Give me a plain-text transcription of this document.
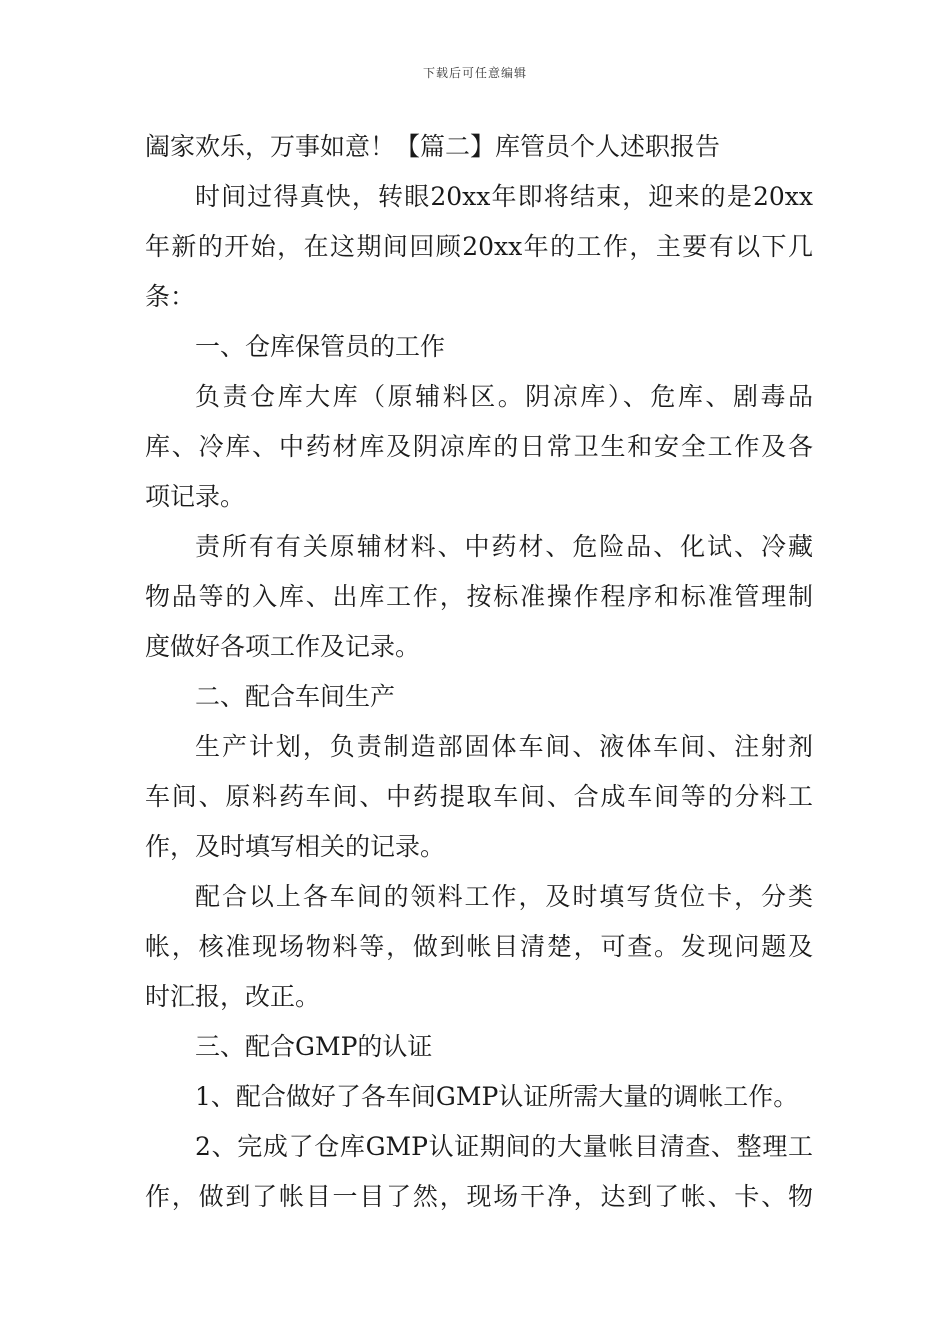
下载后可任意编辑
阖家欢乐，万事如意！【篇二】库管员个人述职报告
时间过得真快，转眼20xx年即将结束，迎来的是20xx
年新的开始，在这期间回顾20xx年的工作，主要有以下几
条：
一、仓库保管员的工作
负责仓库大库（原辅料区。阴凉库）、危库、剧毒品
库、冷库、中药材库及阴凉库的日常卫生和安全工作及各
项记录。
责所有有关原辅材料、中药材、危险品、化试、冷藏
物品等的入库、出库工作，按标准操作程序和标准管理制
度做好各项工作及记录。
二、配合车间生产
生产计划，负责制造部固体车间、液体车间、注射剂
车间、原料药车间、中药提取车间、合成车间等的分料工
作，及时填写相关的记录。
配合以上各车间的领料工作，及时填写货位卡，分类
帐，核准现场物料等，做到帐目清楚，可查。发现问题及
时汇报，改正。
三、配合GMP的认证
1、配合做好了各车间GMP认证所需大量的调帐工作。
2、完成了仓库GMP认证期间的大量帐目清查、整理工
作，做到了帐目一目了然，现场干净，达到了帐、卡、物
